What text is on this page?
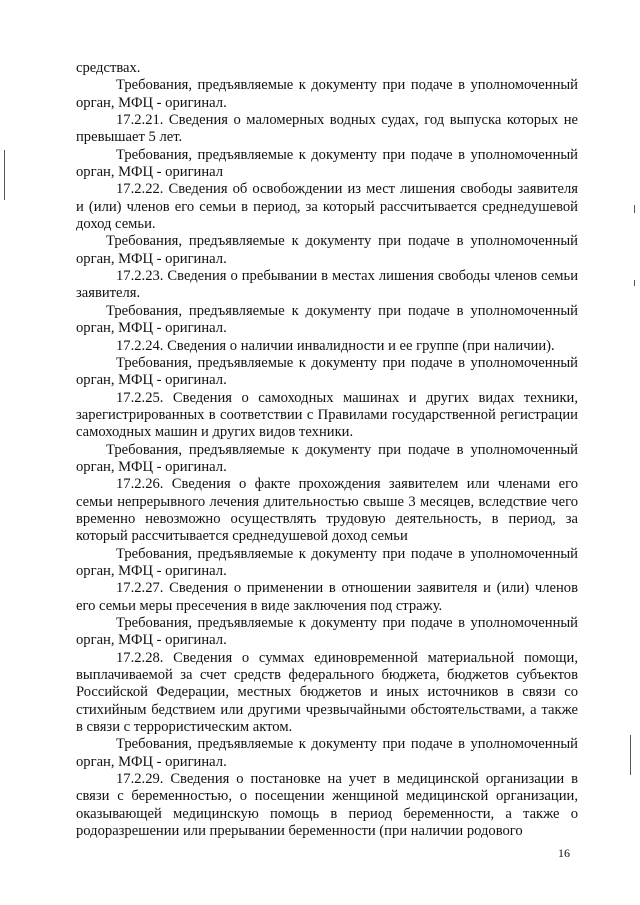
средствах.

Требования, предъявляемые к документу при подаче в уполномоченный орган, МФЦ - оригинал.

17.2.21. Сведения о маломерных водных судах, год выпуска которых не превышает 5 лет.

Требования, предъявляемые к документу при подаче в уполномоченный орган, МФЦ - оригинал

17.2.22. Сведения об освобождении из мест лишения свободы заявителя и (или) членов его семьи в период, за который рассчитывается среднедушевой доход семьи.

Требования, предъявляемые к документу при подаче в уполномоченный орган, МФЦ - оригинал.

17.2.23. Сведения о пребывании в местах лишения свободы членов семьи заявителя.

Требования, предъявляемые к документу при подаче в уполномоченный орган, МФЦ - оригинал.

17.2.24. Сведения о наличии инвалидности и ее группе (при наличии).

Требования, предъявляемые к документу при подаче в уполномоченный орган, МФЦ - оригинал.

17.2.25. Сведения о самоходных машинах и других видах техники, зарегистрированных в соответствии с Правилами государственной регистрации самоходных машин и других видов техники.

Требования, предъявляемые к документу при подаче в уполномоченный орган, МФЦ - оригинал.

17.2.26. Сведения о факте прохождения заявителем или членами его семьи непрерывного лечения длительностью свыше 3 месяцев, вследствие чего временно невозможно осуществлять трудовую деятельность, в период, за который рассчитывается среднедушевой доход семьи

Требования, предъявляемые к документу при подаче в уполномоченный орган, МФЦ - оригинал.

17.2.27. Сведения о применении в отношении заявителя и (или) членов его семьи меры пресечения в виде заключения под стражу.

Требования, предъявляемые к документу при подаче в уполномоченный орган, МФЦ - оригинал.

17.2.28. Сведения о суммах единовременной материальной помощи, выплачиваемой за счет средств федерального бюджета, бюджетов субъектов Российской Федерации, местных бюджетов и иных источников в связи со стихийным бедствием или другими чрезвычайными обстоятельствами, а также в связи с террористическим актом.

Требования, предъявляемые к документу при подаче в уполномоченный орган, МФЦ - оригинал.

17.2.29. Сведения о постановке на учет в медицинской организации в связи с беременностью, о посещении женщиной медицинской организации, оказывающей медицинскую помощь в период беременности, а также о родоразрешении или прерывании беременности (при наличии родового

16
